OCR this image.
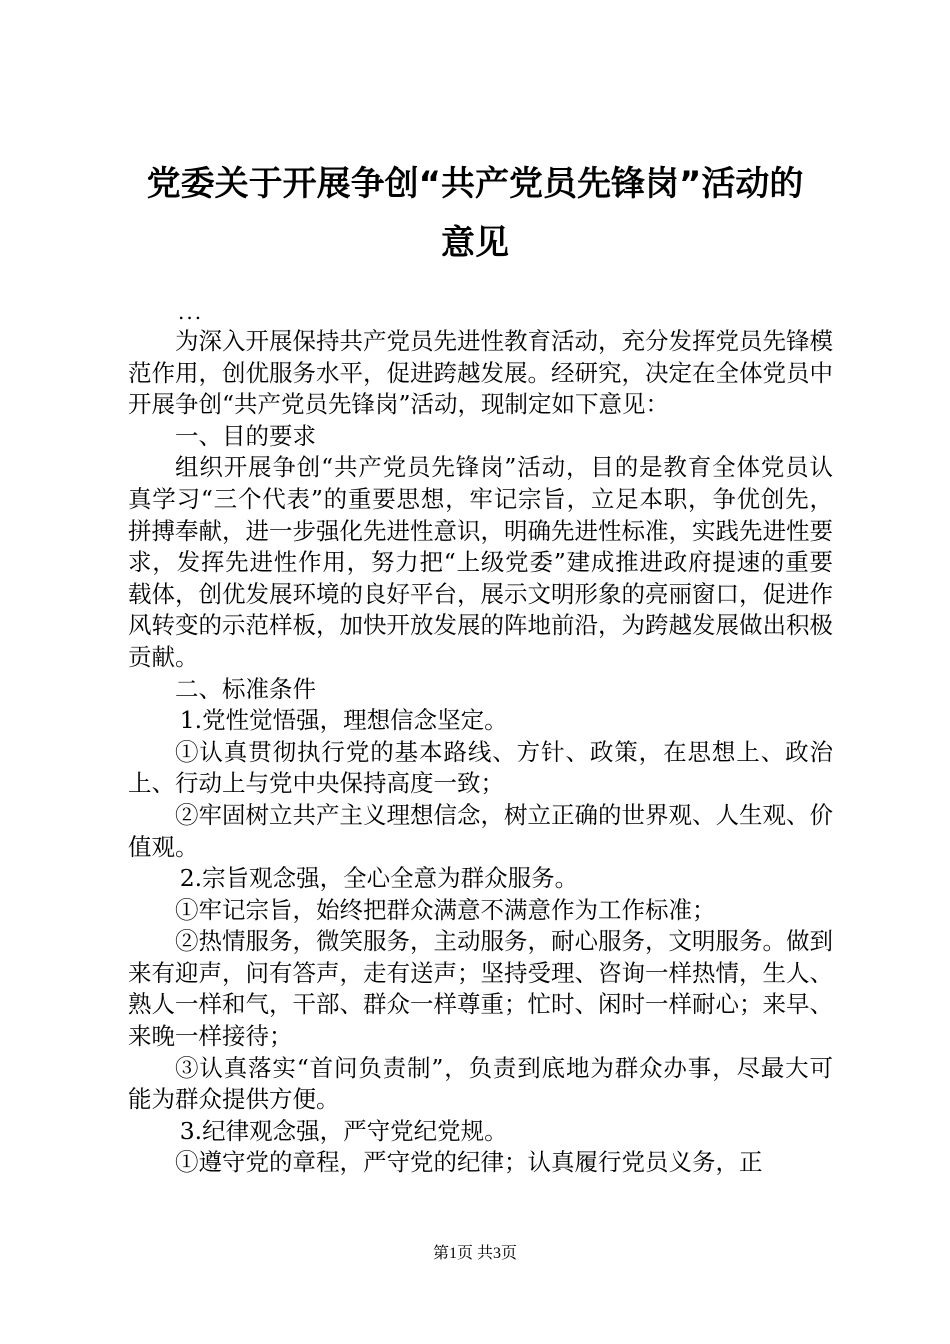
党委关于开展争创“共产党员先锋岗”活动的
意见
...

为深入开展保持共产党员先进性教育活动，充分发挥党员先锋模范作用，创优服务水平，促进跨越发展。经研究，决定在全体党员中开展争创“共产党员先锋岗”活动，现制定如下意见：

一、目的要求

组织开展争创“共产党员先锋岗”活动，目的是教育全体党员认真学习“三个代表”的重要思想，牢记宗旨，立足本职，争优创先，拼搏奉献，进一步强化先进性意识，明确先进性标准，实践先进性要求，发挥先进性作用，努力把“上级党委”建成推进政府提速的重要载体，创优发展环境的良好平台，展示文明形象的亮丽窗口，促进作风转变的示范样板，加快开放发展的阵地前沿，为跨越发展做出积极贡献。

二、标准条件

1.党性觉悟强，理想信念坚定。

①认真贯彻执行党的基本路线、方针、政策，在思想上、政治上、行动上与党中央保持高度一致；

②牢固树立共产主义理想信念，树立正确的世界观、人生观、价值观。

2.宗旨观念强，全心全意为群众服务。

①牢记宗旨，始终把群众满意不满意作为工作标准；

②热情服务，微笑服务，主动服务，耐心服务，文明服务。做到来有迎声，问有答声，走有送声；坚持受理、咨询一样热情，生人、熟人一样和气，干部、群众一样尊重；忙时、闲时一样耐心；来早、来晚一样接待；

③认真落实“首问负责制”，负责到底地为群众办事，尽最大可能为群众提供方便。

3.纪律观念强，严守党纪党规。

①遵守党的章程，严守党的纪律；认真履行党员义务，正

第1页 共3页
